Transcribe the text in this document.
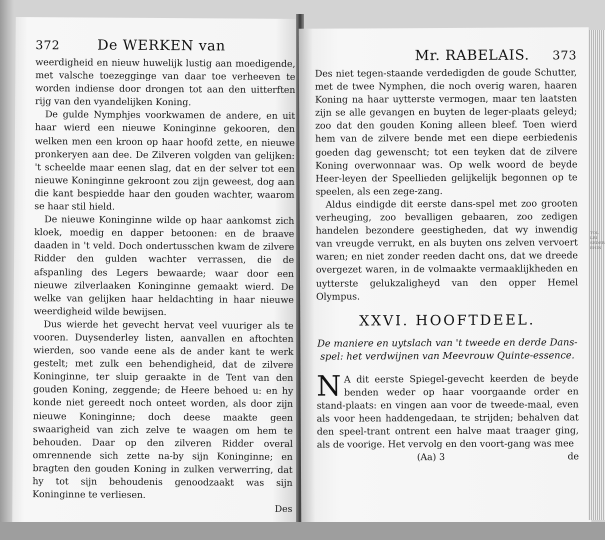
372	De WERKEN van

weerdigheid en nieuw huwelijk lustig aan moedigende, met valsche toezegginge van daar toe verheeven te worden indiense door drongen tot aan den uitterften rijg van den vyandelijken Koning.

De gulde Nymphjes voorkwamen de andere, en uit haar wierd een nieuwe Koninginne gekooren, den welken men een kroon op haar hoofd zette, en nieuwe pronkeryen aan dee. De Zilveren volgden van gelijken: 't scheelde maar eenen slag, dat en der selver tot een nieuwe Koninginne gekroont zou zijn geweest, dog aan die kant bespiedde haar den gouden wachter, waarom se haar stil hield.

De nieuwe Koninginne wilde op haar aankomst zich kloek, moedig en dapper betoonen: en de braave daaden in 't veld. Doch ondertusschen kwam de zilvere Ridder den gulden wachter verrassen, die de afspanling des Legers bewaarde; waar door een nieuwe zilverlaaken Koninginne gemaakt wierd. De welke van gelijken haar heldachting in haar nieuwe weerdigheid wilde bewijsen.

Dus wierde het gevecht hervat veel vuuriger als te vooren. Duysenderley listen, aanvallen en aftochten wierden, soo vande eene als de ander kant te werk gestelt; met zulk een behendigheid, dat de zilvere Koninginne, ter sluip geraakte in de Tent van den gouden Koning, zeggende; de Heere behoed u: en hy konde niet gereedt noch onteet worden, als door zijn nieuwe Koninginne; doch deese maakte geen swaarigheid van zich zelve te waagen om hem te behouden. Daar op den zilveren Ridder overal omrennende sich zette na-by sijn Koninginne; en bragten den gouden Koning in zulken verwerring, dat hy tot sijn behoudenis genoodzaakt was sijn Koninginne te verliesen.

Des
Mr. RABELAIS. 373

Des niet tegen-staande verdedigden de goude Schutter, met de twee Nymphen, die noch overig waren, haaren Koning na haar uytterste vermogen, maar ten laatsten zijn se alle gevangen en buyten de leger-plaats geleyd; zoo dat den gouden Koning alleen bleef. Toen wierd hem van de zilvere bende met een diepe eerbiedenis goeden dag gewenscht; tot een teyken dat de zilvere Koning overwonnaar was. Op welk woord de beyde Heer-leyen der Speellieden gelijkelijk begonnen op te speelen, als een zege-zang.

Aldus eindigde dit eerste dans-spel met zoo grooten verheuging, zoo bevalligen gebaaren, zoo zedigen handelen bezondere geestigheden, dat wy inwendig van vreugde verrukt, en als buyten ons zelven vervoert waren; en niet zonder reeden dacht ons, dat we dreede overgezet waren, in de volmaakte vermaaklijkheden en uytterste gelukzaligheyd van den opper Hemel Olympus.

XXVI. HOOFTDEEL.
De maniere en uytslach van 't tweede en derde Dans-spel: het verdwijnen van Meevrouw Quinte-essence.
N A dit eerste Spiegel-gevecht keerden de beyde benden weder op haar voorgaande order en stand-plaats: en vingen aan voor de tweede-maal, even als voor heen haddengedaan, te strijden; behalven dat den speel-trant ontrent een halve maat traager ging, als de voorige. Het vervolg en den voort-gang was mee

(Aa) 3	de
TOL
LRI
SEDER
EHIN
